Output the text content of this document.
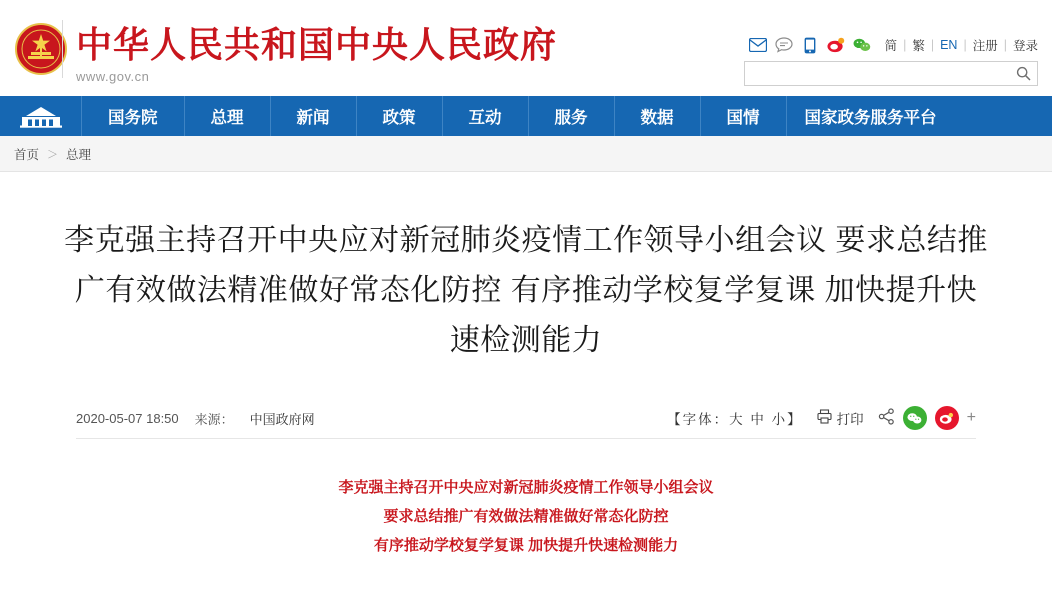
中华人民共和国中央人民政府
www.gov.cn
简 | 繁 | EN | 注册 | 登录
国务院	总理	新闻	政策	互动	服务	数据	国情	国家政务服务平台
首页 ＞ 总理
李克强主持召开中央应对新冠肺炎疫情工作领导小组会议 要求总结推广有效做法精准做好常态化防控 有序推动学校复学复课 加快提升快速检测能力
2020-05-07 18:50 来源： 中国政府网	【字体：大 中 小】	打印	+
李克强主持召开中央应对新冠肺炎疫情工作领导小组会议
要求总结推广有效做法精准做好常态化防控
有序推动学校复学复课 加快提升快速检测能力
